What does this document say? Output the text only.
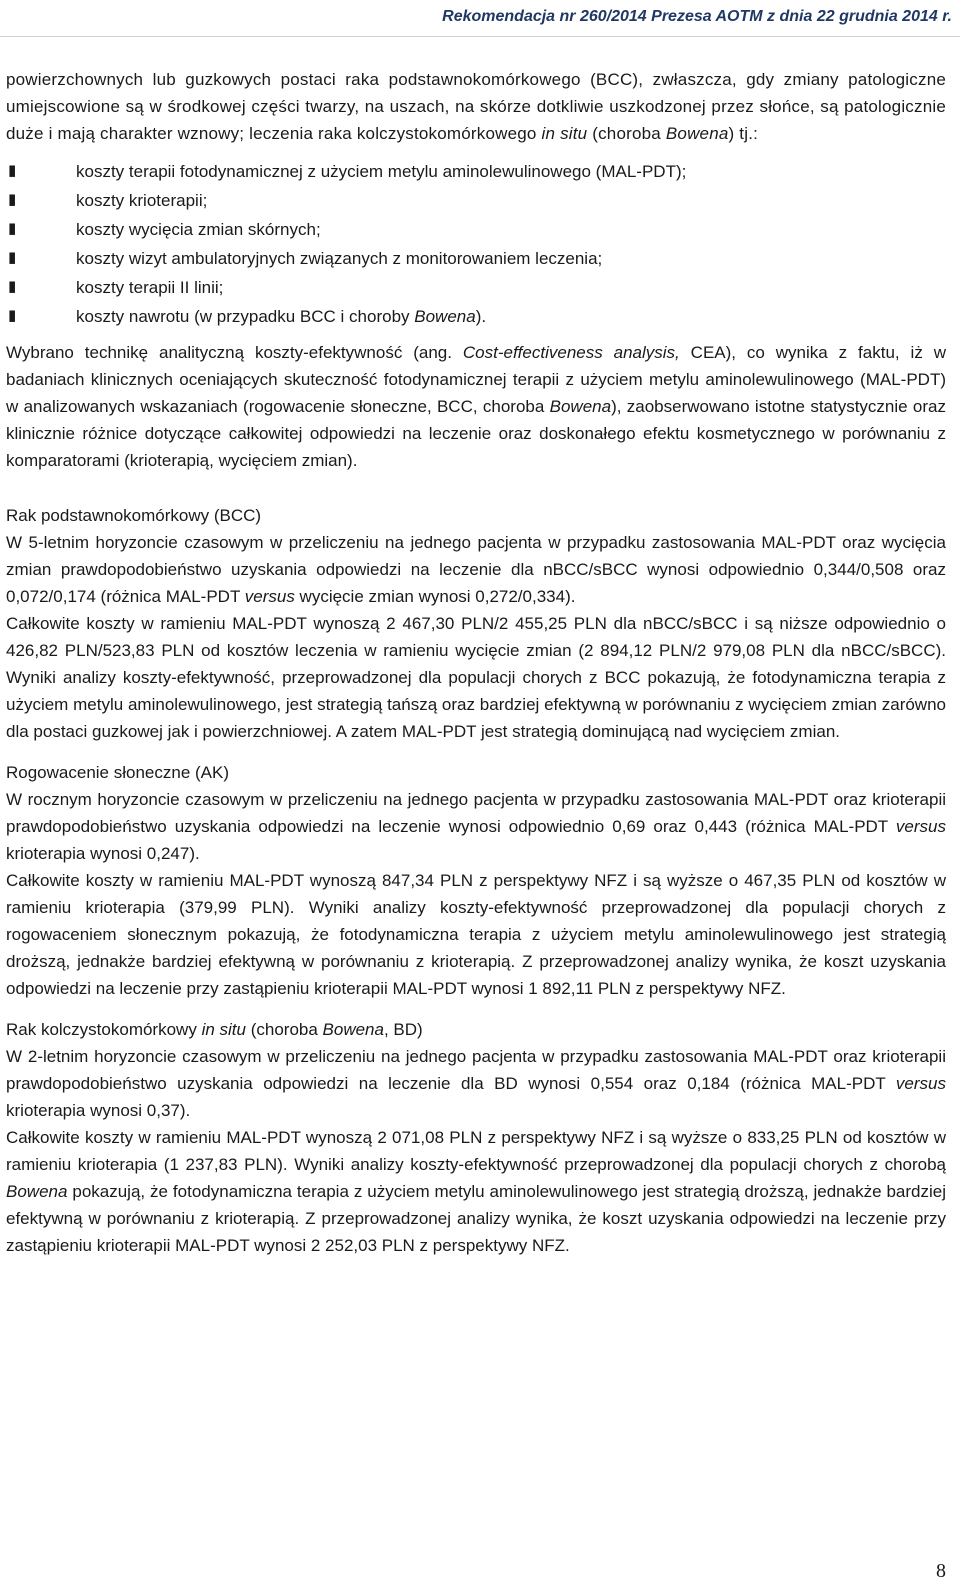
Rekomendacja nr 260/2014 Prezesa AOTM z dnia 22 grudnia 2014 r.

powierzchownych lub guzkowych postaci raka podstawnokomórkowego (BCC), zwłaszcza, gdy zmiany patologiczne umiejscowione są w środkowej części twarzy, na uszach, na skórze dotkliwie uszkodzonej przez słońce, są patologicznie duże i mają charakter wznowy; leczenia raka kolczystokomórkowego in situ (choroba Bowena) tj.:

▮	koszty terapii fotodynamicznej z użyciem metylu aminolewulinowego (MAL-PDT);
▮	koszty krioterapii;
▮	koszty wycięcia zmian skórnych;
▮	koszty wizyt ambulatoryjnych związanych z monitorowaniem leczenia;
▮	koszty terapii II linii;
▮	koszty nawrotu (w przypadku BCC i choroby Bowena).

Wybrano technikę analityczną koszty-efektywność (ang. Cost-effectiveness analysis, CEA), co wynika z faktu, iż w badaniach klinicznych oceniających skuteczność fotodynamicznej terapii z użyciem metylu aminolewulinowego (MAL-PDT) w analizowanych wskazaniach (rogowacenie słoneczne, BCC, choroba Bowena), zaobserwowano istotne statystycznie oraz klinicznie różnice dotyczące całkowitej odpowiedzi na leczenie oraz doskonałego efektu kosmetycznego w porównaniu z komparatorami (krioterapią, wycięciem zmian).

Rak podstawnokomórkowy (BCC)

W 5-letnim horyzoncie czasowym w przeliczeniu na jednego pacjenta w przypadku zastosowania MAL-PDT oraz wycięcia zmian prawdopodobieństwo uzyskania odpowiedzi na leczenie dla nBCC/sBCC wynosi odpowiednio 0,344/0,508 oraz 0,072/0,174 (różnica MAL-PDT versus wycięcie zmian wynosi 0,272/0,334).

Całkowite koszty w ramieniu MAL-PDT wynoszą 2 467,30 PLN/2 455,25 PLN dla nBCC/sBCC i są niższe odpowiednio o 426,82 PLN/523,83 PLN od kosztów leczenia w ramieniu wycięcie zmian (2 894,12 PLN/2 979,08 PLN dla nBCC/sBCC). Wyniki analizy koszty-efektywność, przeprowadzonej dla populacji chorych z BCC pokazują, że fotodynamiczna terapia z użyciem metylu aminolewulinowego, jest strategią tańszą oraz bardziej efektywną w porównaniu z wycięciem zmian zarówno dla postaci guzkowej jak i powierzchniowej. A zatem MAL-PDT jest strategią dominującą nad wycięciem zmian.

Rogowacenie słoneczne (AK)

W rocznym horyzoncie czasowym w przeliczeniu na jednego pacjenta w przypadku zastosowania MAL-PDT oraz krioterapii prawdopodobieństwo uzyskania odpowiedzi na leczenie wynosi odpowiednio 0,69 oraz 0,443 (różnica MAL-PDT versus krioterapia wynosi 0,247).

Całkowite koszty w ramieniu MAL-PDT wynoszą 847,34 PLN z perspektywy NFZ i są wyższe o 467,35 PLN od kosztów w ramieniu krioterapia (379,99 PLN). Wyniki analizy koszty-efektywność przeprowadzonej dla populacji chorych z rogowaceniem słonecznym pokazują, że fotodynamiczna terapia z użyciem metylu aminolewulinowego jest strategią droższą, jednakże bardziej efektywną w porównaniu z krioterapią. Z przeprowadzonej analizy wynika, że koszt uzyskania odpowiedzi na leczenie przy zastąpieniu krioterapii MAL-PDT wynosi 1 892,11 PLN z perspektywy NFZ.

Rak kolczystokomórkowy in situ (choroba Bowena, BD)

W 2-letnim horyzoncie czasowym w przeliczeniu na jednego pacjenta w przypadku zastosowania MAL-PDT oraz krioterapii prawdopodobieństwo uzyskania odpowiedzi na leczenie dla BD wynosi 0,554 oraz 0,184 (różnica MAL-PDT versus krioterapia wynosi 0,37).

Całkowite koszty w ramieniu MAL-PDT wynoszą 2 071,08 PLN z perspektywy NFZ i są wyższe o 833,25 PLN od kosztów w ramieniu krioterapia (1 237,83 PLN). Wyniki analizy koszty-efektywność przeprowadzonej dla populacji chorych z chorobą Bowena pokazują, że fotodynamiczna terapia z użyciem metylu aminolewulinowego jest strategią droższą, jednakże bardziej efektywną w porównaniu z krioterapią. Z przeprowadzonej analizy wynika, że koszt uzyskania odpowiedzi na leczenie przy zastąpieniu krioterapii MAL-PDT wynosi 2 252,03 PLN z perspektywy NFZ.

8
